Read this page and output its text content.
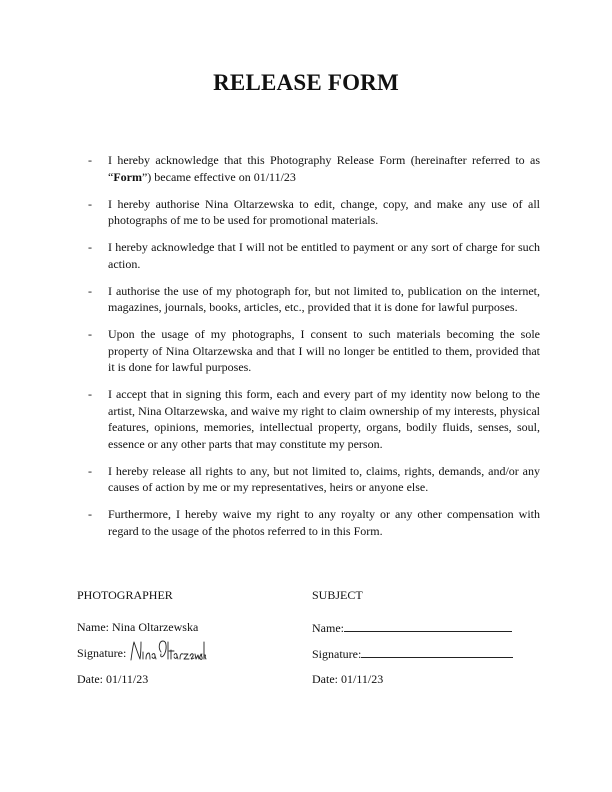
RELEASE FORM
- I hereby acknowledge that this Photography Release Form (hereinafter referred to as “Form”) became effective on 01/11/23
- I hereby authorise Nina Oltarzewska to edit, change, copy, and make any use of all photographs of me to be used for promotional materials.
- I hereby acknowledge that I will not be entitled to payment or any sort of charge for such action.
- I authorise the use of my photograph for, but not limited to, publication on the internet, magazines, journals, books, articles, etc., provided that it is done for lawful purposes.
- Upon the usage of my photographs, I consent to such materials becoming the sole property of Nina Oltarzewska and that I will no longer be entitled to them, provided that it is done for lawful purposes.
- I accept that in signing this form, each and every part of my identity now belong to the artist, Nina Oltarzewska, and waive my right to claim ownership of my interests, physical features, opinions, memories, intellectual property, organs, bodily fluids, senses, soul, essence or any other parts that may constitute my person.
- I hereby release all rights to any, but not limited to, claims, rights, demands, and/or any causes of action by me or my representatives, heirs or anyone else.
- Furthermore, I hereby waive my right to any royalty or any other compensation with regard to the usage of the photos referred to in this Form.
PHOTOGRAPHER
Name: Nina Oltarzewska
Signature:
Date: 01/11/23
SUBJECT
Name:
Signature:
Date: 01/11/23
